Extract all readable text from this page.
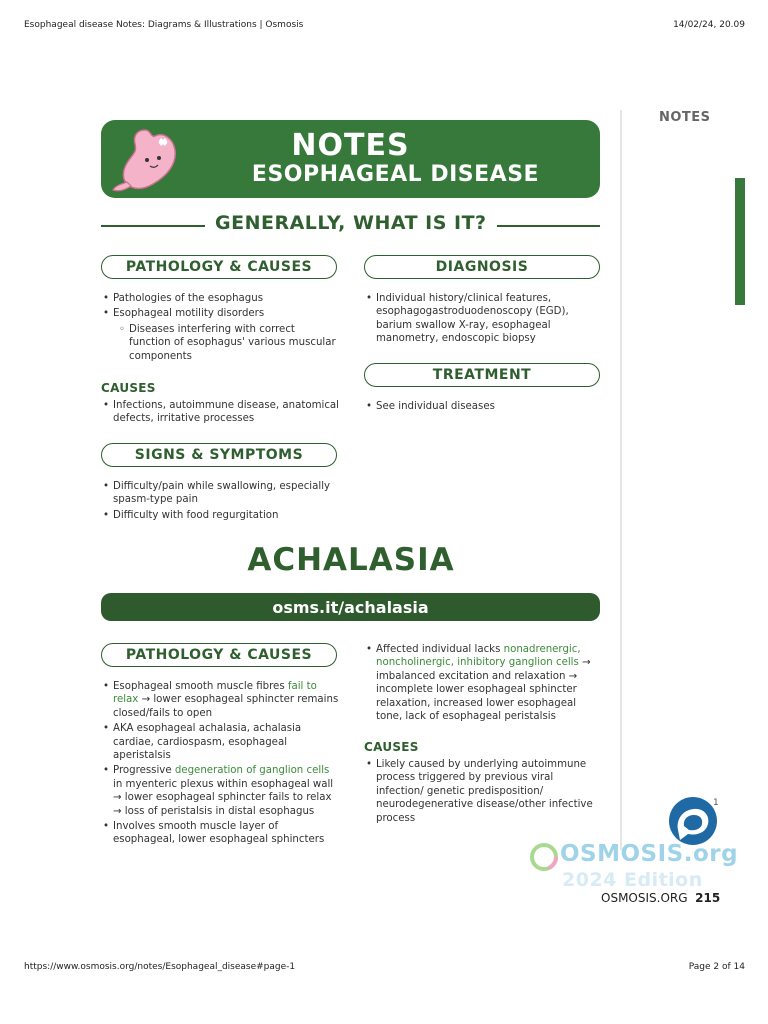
Esophageal disease Notes: Diagrams & Illustrations | Osmosis	14/02/24, 20.09
NOTES
NOTES
ESOPHAGEAL DISEASE
GENERALLY, WHAT IS IT?
PATHOLOGY & CAUSES
• Pathologies of the esophagus
• Esophageal motility disorders
◦ Diseases interfering with correct function of esophagus' various muscular components
CAUSES
• Infections, autoimmune disease, anatomical defects, irritative processes
SIGNS & SYMPTOMS
• Difficulty/pain while swallowing, especially spasm-type pain
• Difficulty with food regurgitation
DIAGNOSIS
• Individual history/clinical features, esophagogastroduodenoscopy (EGD), barium swallow X-ray, esophageal manometry, endoscopic biopsy
TREATMENT
• See individual diseases
ACHALASIA
osms.it/achalasia
PATHOLOGY & CAUSES
• Esophageal smooth muscle fibres fail to relax → lower esophageal sphincter remains closed/fails to open
• AKA esophageal achalasia, achalasia cardiae, cardiospasm, esophageal aperistalsis
• Progressive degeneration of ganglion cells in myenteric plexus within esophageal wall → lower esophageal sphincter fails to relax → loss of peristalsis in distal esophagus
• Involves smooth muscle layer of esophageal, lower esophageal sphincters
• Affected individual lacks nonadrenergic, noncholinergic, inhibitory ganglion cells → imbalanced excitation and relaxation → incomplete lower esophageal sphincter relaxation, increased lower esophageal tone, lack of esophageal peristalsis
CAUSES
• Likely caused by underlying autoimmune process triggered by previous viral infection/ genetic predisposition/ neurodegenerative disease/other infective process
1
OSMOSIS.org
2024 Edition
OSMOSIS.ORG 215
https://www.osmosis.org/notes/Esophageal_disease#page-1	Page 2 of 14
